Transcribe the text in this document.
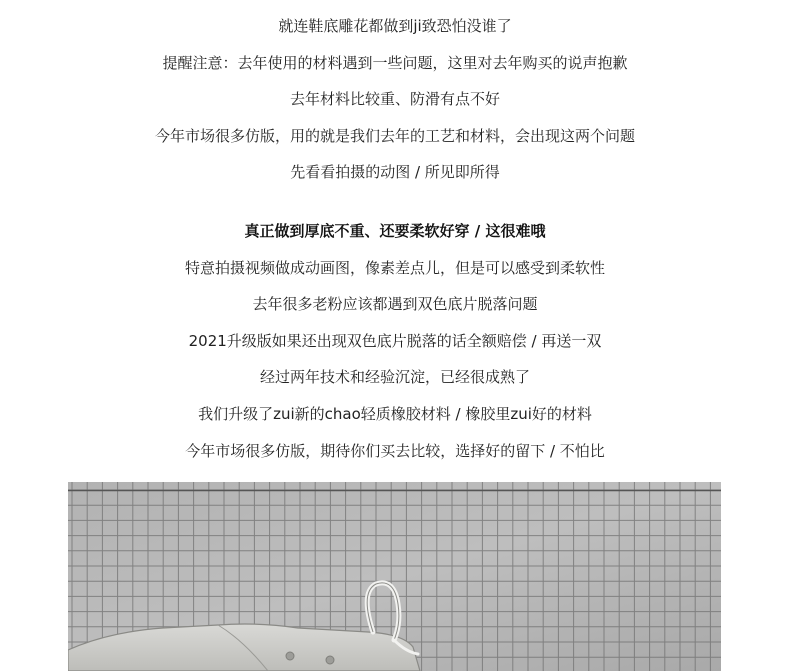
就连鞋底雕花都做到ji致恐怕没谁了
提醒注意：去年使用的材料遇到一些问题，这里对去年购买的说声抱歉
去年材料比较重、防滑有点不好
今年市场很多仿版，用的就是我们去年的工艺和材料，会出现这两个问题
先看看拍摄的动图 / 所见即所得
真正做到厚底不重、还要柔软好穿 / 这很难哦
特意拍摄视频做成动画图，像素差点儿，但是可以感受到柔软性
去年很多老粉应该都遇到双色底片脱落问题
2021升级版如果还出现双色底片脱落的话全额赔偿 / 再送一双
经过两年技术和经验沉淀，已经很成熟了
我们升级了zui新的chao轻质橡胶材料 / 橡胶里zui好的材料
今年市场很多仿版，期待你们买去比较，选择好的留下 / 不怕比
